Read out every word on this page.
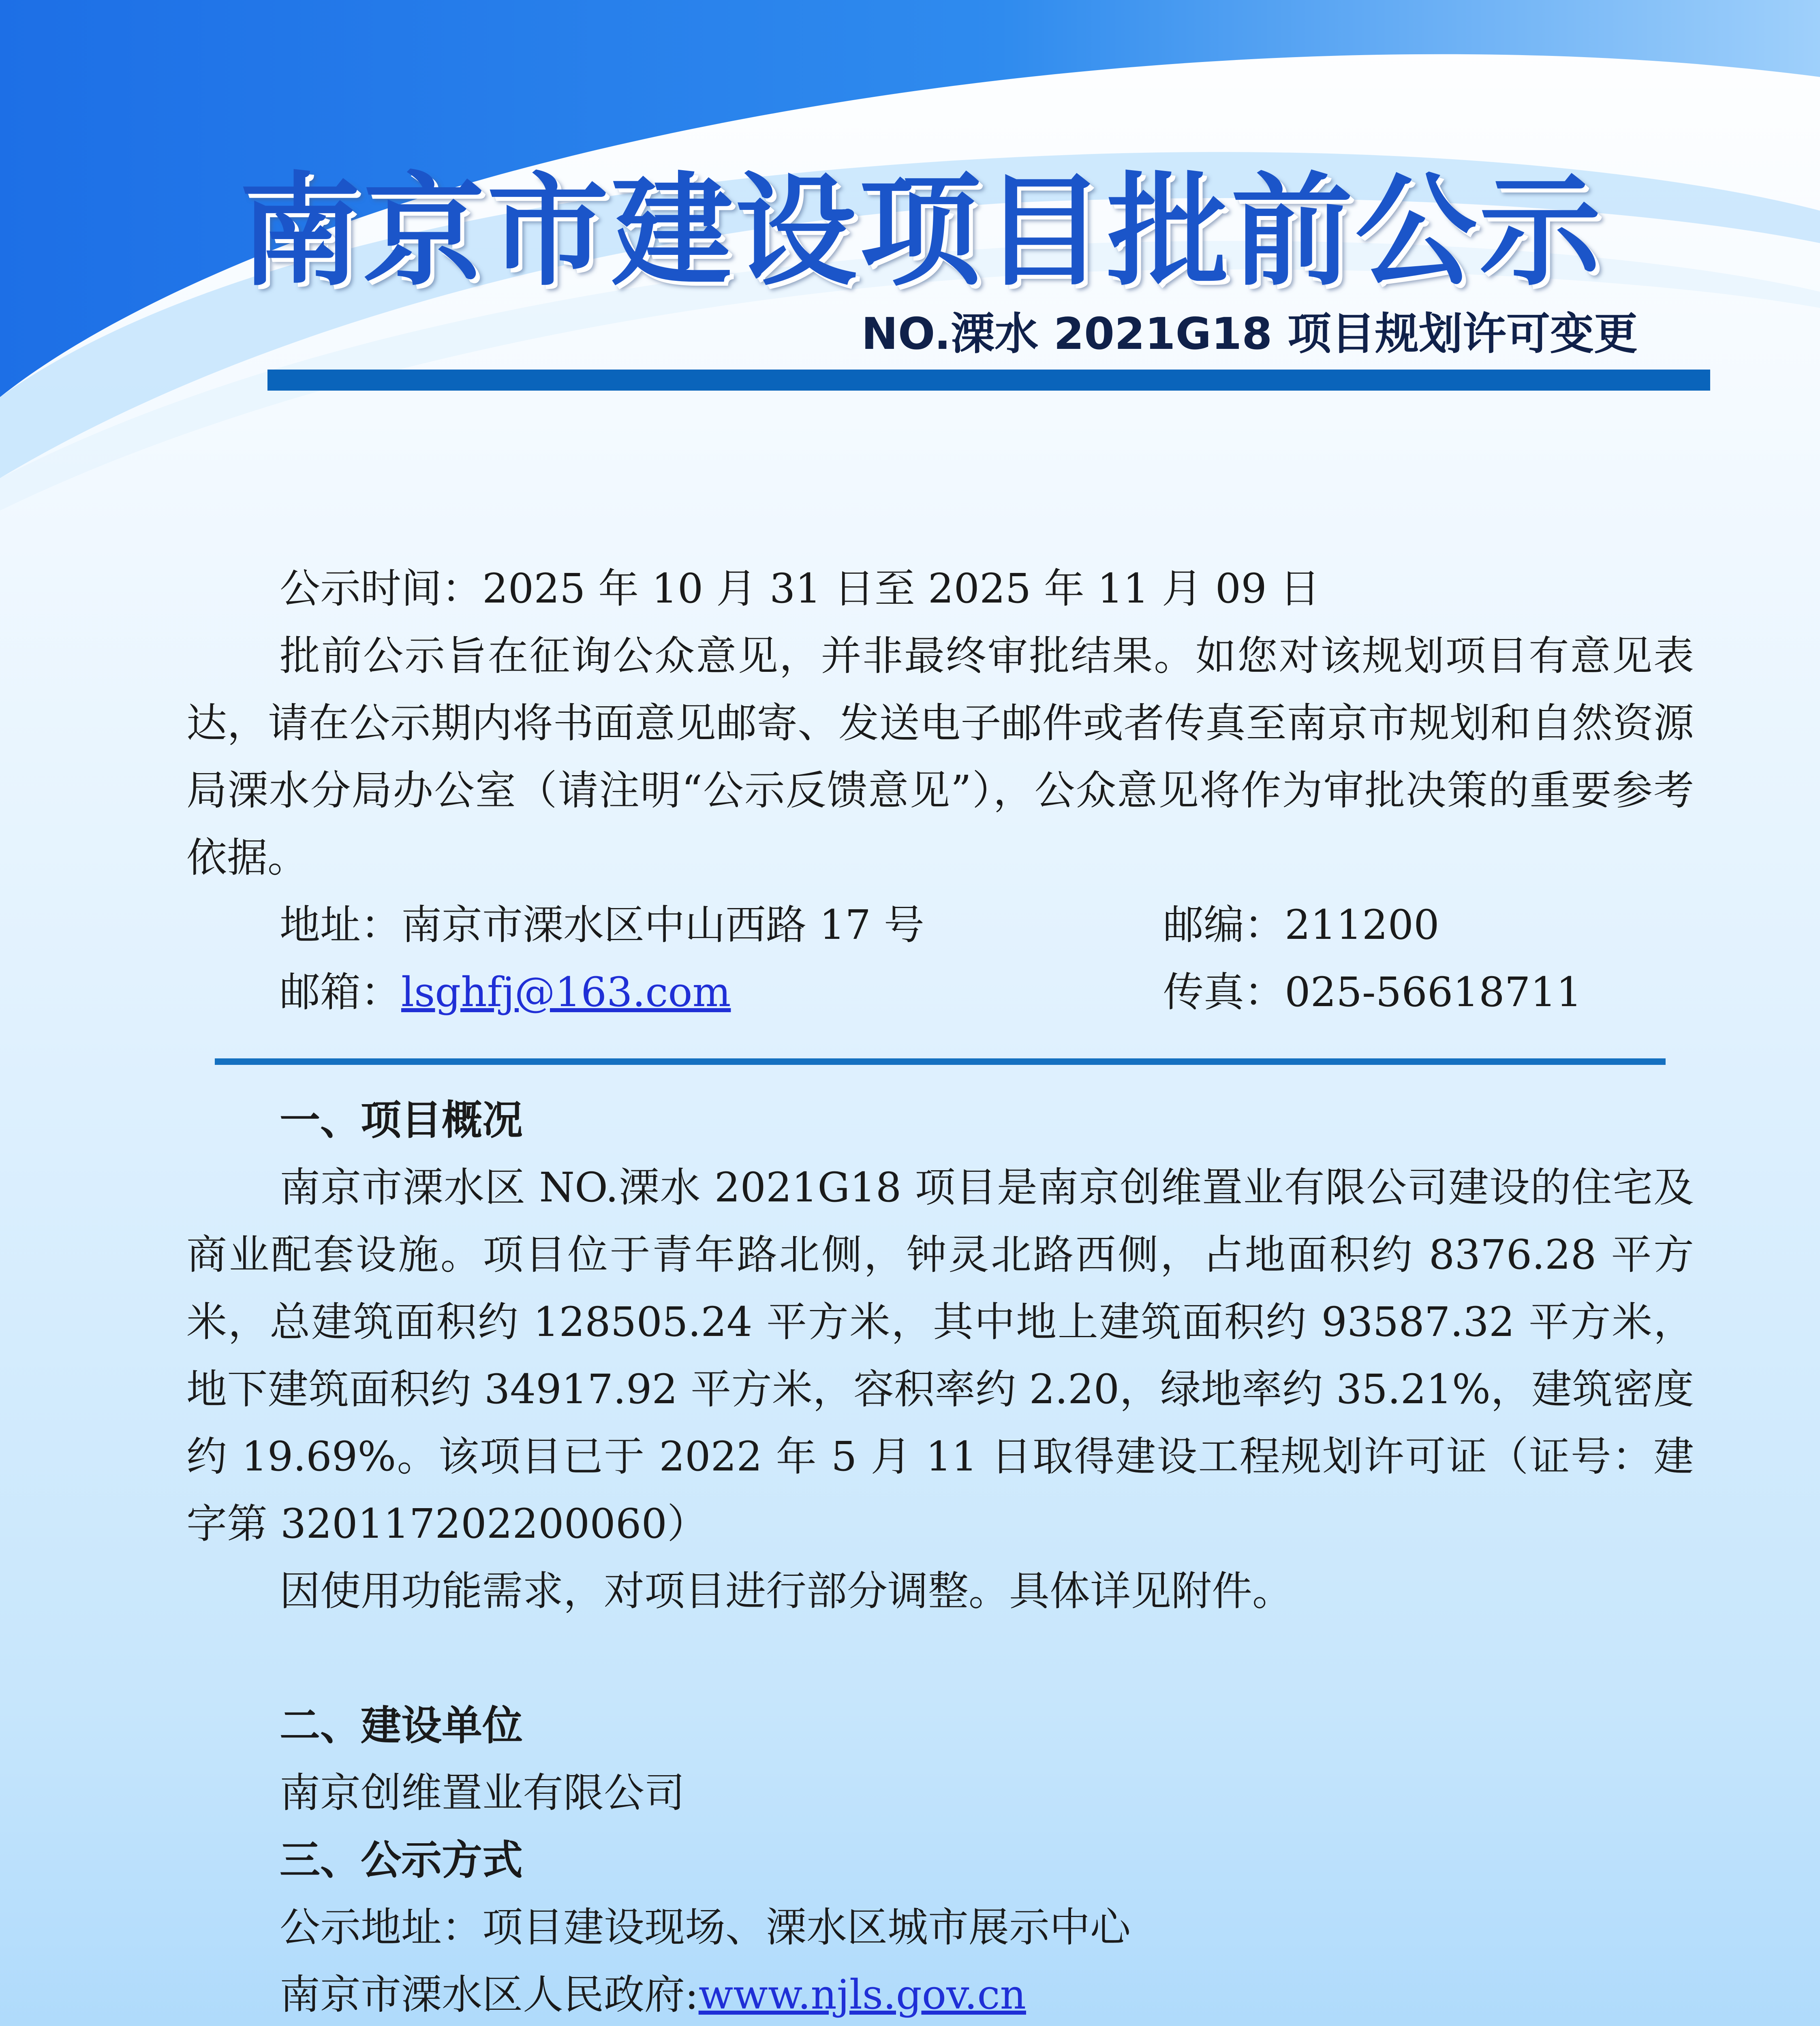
南京市建设项目批前公示
NO.溧水 2021G18 项目规划许可变更

公示时间：2025 年 10 月 31 日至 2025 年 11 月 09 日

批前公示旨在征询公众意见，并非最终审批结果。如您对该规划项目有意见表达，请在公示期内将书面意见邮寄、发送电子邮件或者传真至南京市规划和自然资源局溧水分局办公室（请注明“公示反馈意见”），公众意见将作为审批决策的重要参考依据。

地址：南京市溧水区中山西路 17 号	邮编：211200
邮箱：lsghfj@163.com	传真：025-56618711

一、项目概况

南京市溧水区 NO.溧水 2021G18 项目是南京创维置业有限公司建设的住宅及商业配套设施。项目位于青年路北侧，钟灵北路西侧，占地面积约 8376.28 平方米，总建筑面积约 128505.24 平方米，其中地上建筑面积约 93587.32 平方米，地下建筑面积约 34917.92 平方米，容积率约 2.20，绿地率约 35.21%，建筑密度约 19.69%。该项目已于 2022 年 5 月 11 日取得建设工程规划许可证（证号：建字第 320117202200060）

因使用功能需求，对项目进行部分调整。具体详见附件。

二、建设单位

南京创维置业有限公司

三、公示方式

公示地址：项目建设现场、溧水区城市展示中心

南京市溧水区人民政府:www.njls.gov.cn
